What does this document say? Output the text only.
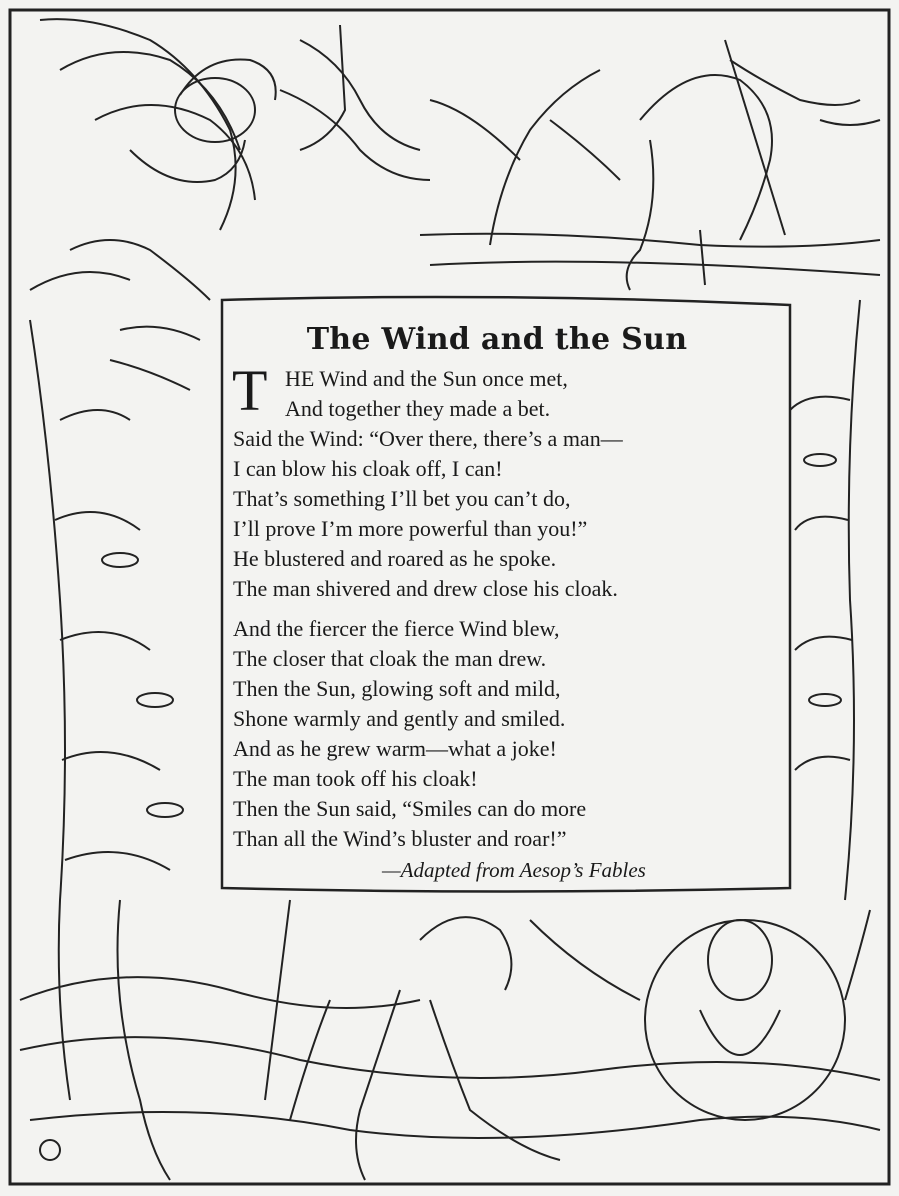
The Wind and the Sun
T HE Wind and the Sun once met,
And together they made a bet.
Said the Wind: “Over there, there’s a man—
I can blow his cloak off, I can!
That’s something I’ll bet you can’t do,
I’ll prove I’m more powerful than you!”
He blustered and roared as he spoke.
The man shivered and drew close his cloak.
And the fiercer the fierce Wind blew,
The closer that cloak the man drew.
Then the Sun, glowing soft and mild,
Shone warmly and gently and smiled.
And as he grew warm—what a joke!
The man took off his cloak!
Then the Sun said, “Smiles can do more
Than all the Wind’s bluster and roar!”
—Adapted from Aesop’s Fables
